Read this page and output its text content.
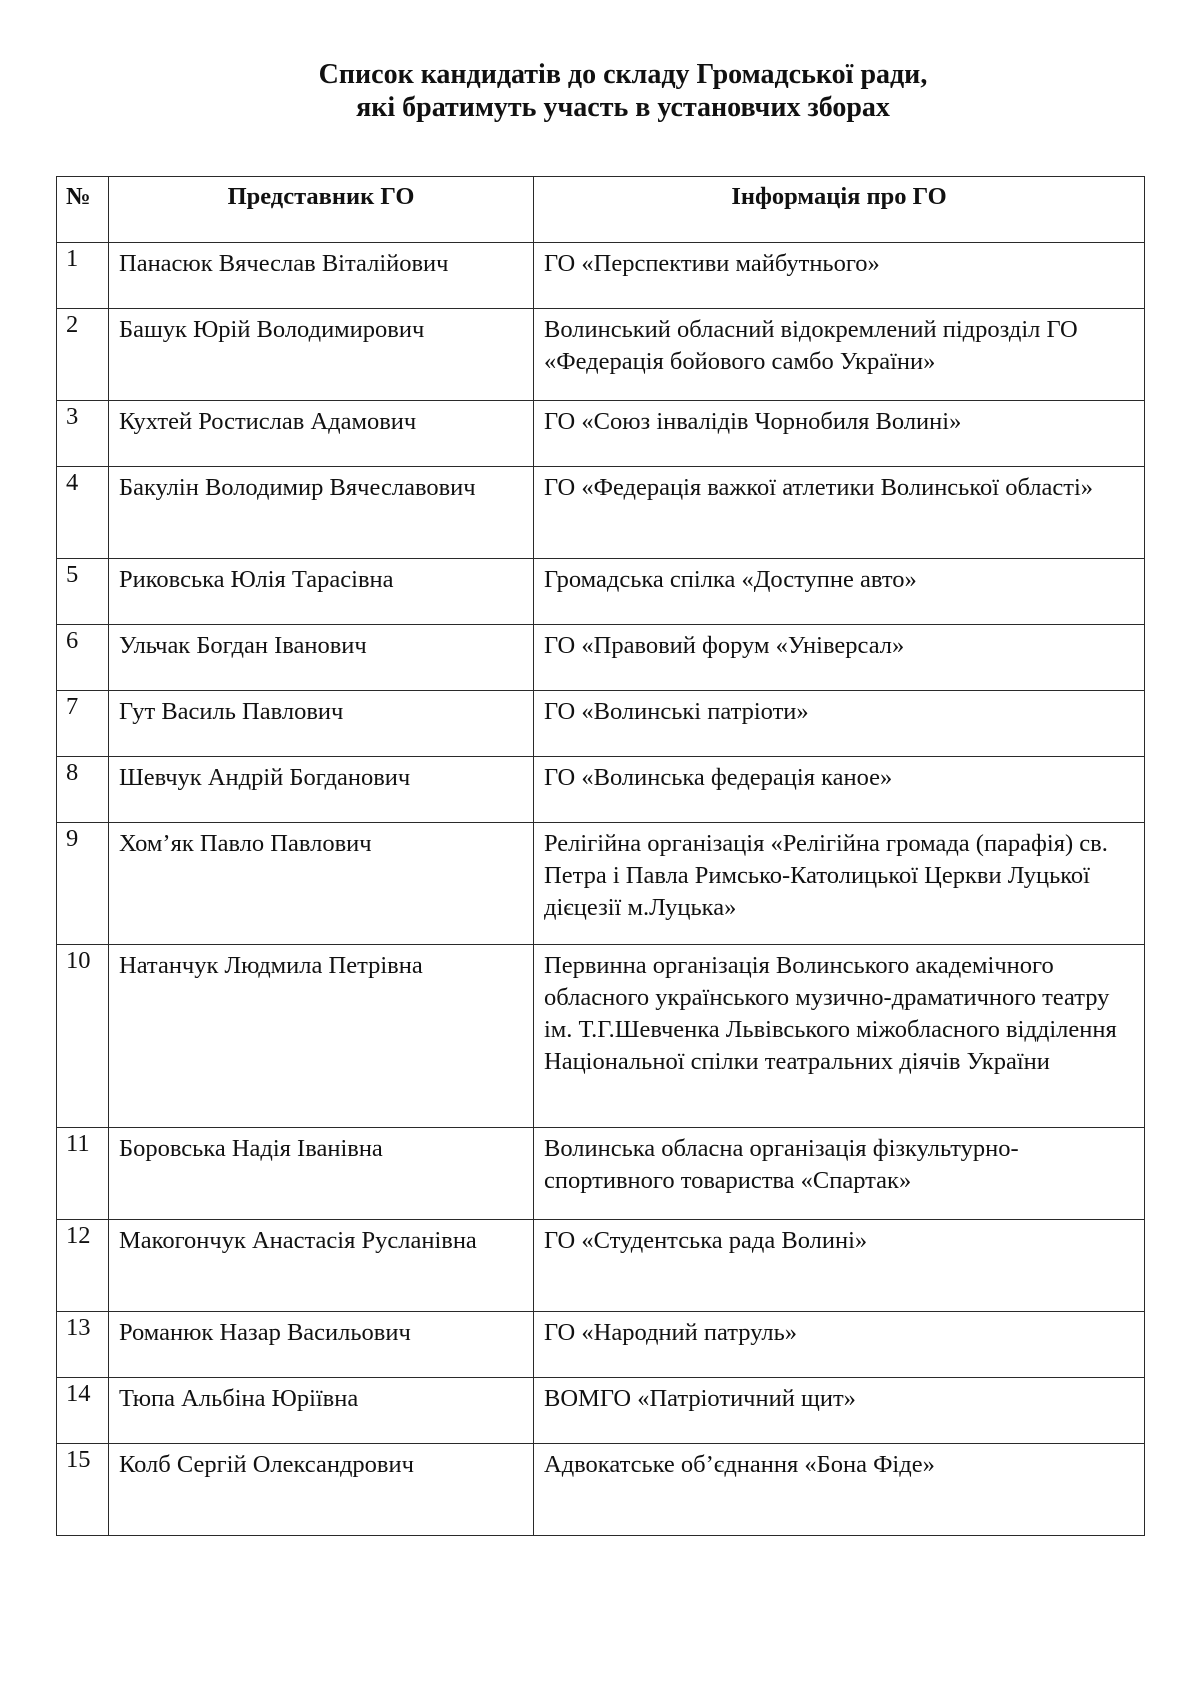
Список кандидатів до складу Громадської ради,
які братимуть участь в установчих зборах
№	Представник ГО	Інформація про ГО
1	Панасюк Вячеслав Віталійович	ГО «Перспективи майбутнього»
2	Башук Юрій Володимирович	Волинський обласний відокремлений підрозділ ГО «Федерація бойового самбо України»
3	Кухтей Ростислав Адамович	ГО «Союз інвалідів Чорнобиля Волині»
4	Бакулін Володимир Вячеславович	ГО «Федерація важкої атлетики Волинської області»
5	Риковська Юлія Тарасівна	Громадська спілка «Доступне авто»
6	Ульчак Богдан Іванович	ГО «Правовий форум «Універсал»
7	Гут Василь Павлович	ГО «Волинські патріоти»
8	Шевчук Андрій Богданович	ГО «Волинська федерація каное»
9	Хом’як Павло Павлович	Релігійна організація «Релігійна громада (парафія) св. Петра і Павла Римсько-Католицької Церкви Луцької дієцезії м.Луцька»
10	Натанчук Людмила Петрівна	Первинна організація Волинського академічного обласного українського музично-драматичного театру ім. Т.Г.Шевченка Львівського міжобласного відділення Національної спілки театральних діячів України
11	Боровська Надія Іванівна	Волинська обласна організація фізкультурно-спортивного товариства «Спартак»
12	Макогончук Анастасія Русланівна	ГО «Студентська рада Волині»
13	Романюк Назар Васильович	ГО «Народний патруль»
14	Тюпа Альбіна Юріївна	ВОМГО «Патріотичний щит»
15	Колб Сергій Олександрович	Адвокатське об’єднання «Бона Фіде»
